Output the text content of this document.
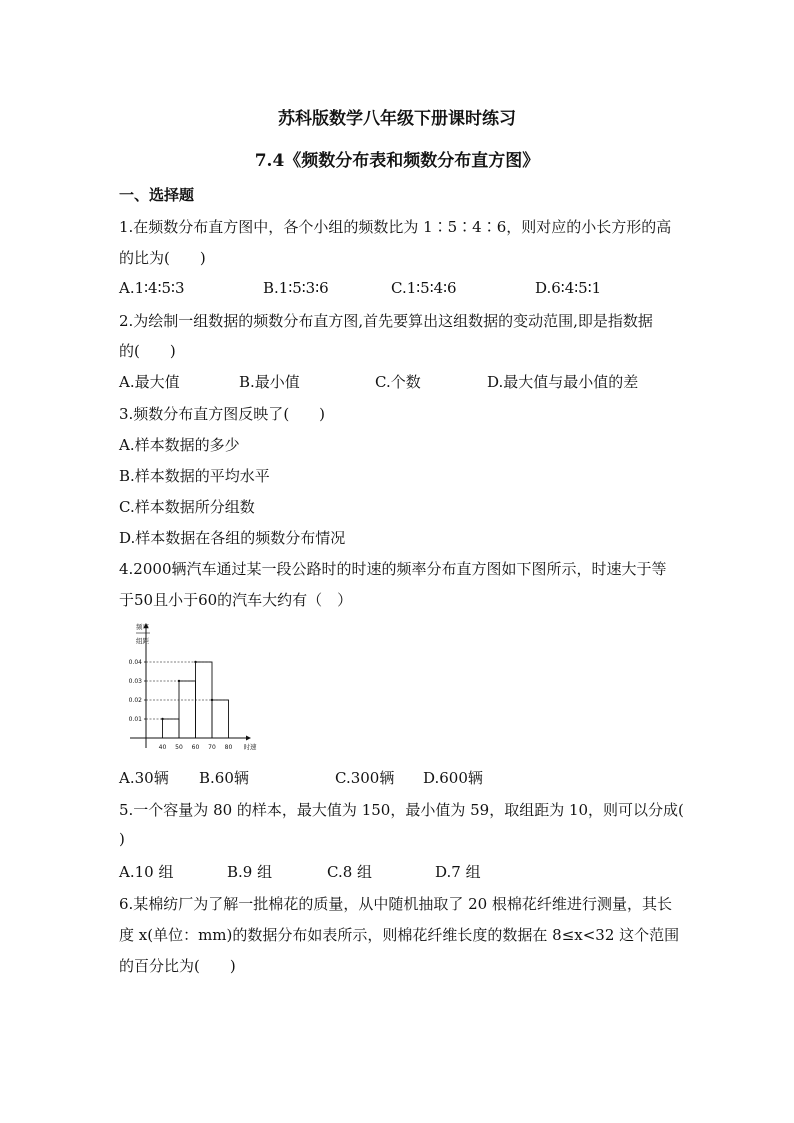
苏科版数学八年级下册课时练习
7.4《频数分布表和频数分布直方图》
一、选择题
1.在频数分布直方图中，各个小组的频数比为 1∶5∶4∶6，则对应的小长方形的高
的比为(　　)
A.1∶4∶5∶3	B.1∶5∶3∶6	C.1∶5∶4∶6	D.6∶4∶5∶1
2.为绘制一组数据的频数分布直方图,首先要算出这组数据的变动范围,即是指数据
的(　　)
A.最大值	B.最小值	C.个数	D.最大值与最小值的差
3.频数分布直方图反映了(　　)
A.样本数据的多少
B.样本数据的平均水平
C.样本数据所分组数
D.样本数据在各组的频数分布情况
4.2000辆汽车通过某一段公路时的时速的频率分布直方图如下图所示，时速大于等
于50且小于60的汽车大约有（　）
0.01
0.02
0.03
0.04
40 50 60 70 80
频率
组距
时速
A.30辆 B.60辆	C.300辆 D.600辆
5.一个容量为 80 的样本，最大值为 150，最小值为 59，取组距为 10，则可以分成(
)
A.10 组	B.9 组	C.8 组	D.7 组
6.某棉纺厂为了解一批棉花的质量，从中随机抽取了 20 根棉花纤维进行测量，其长
度 x(单位：mm)的数据分布如表所示，则棉花纤维长度的数据在 8≤x<32 这个范围
的百分比为(　　)
